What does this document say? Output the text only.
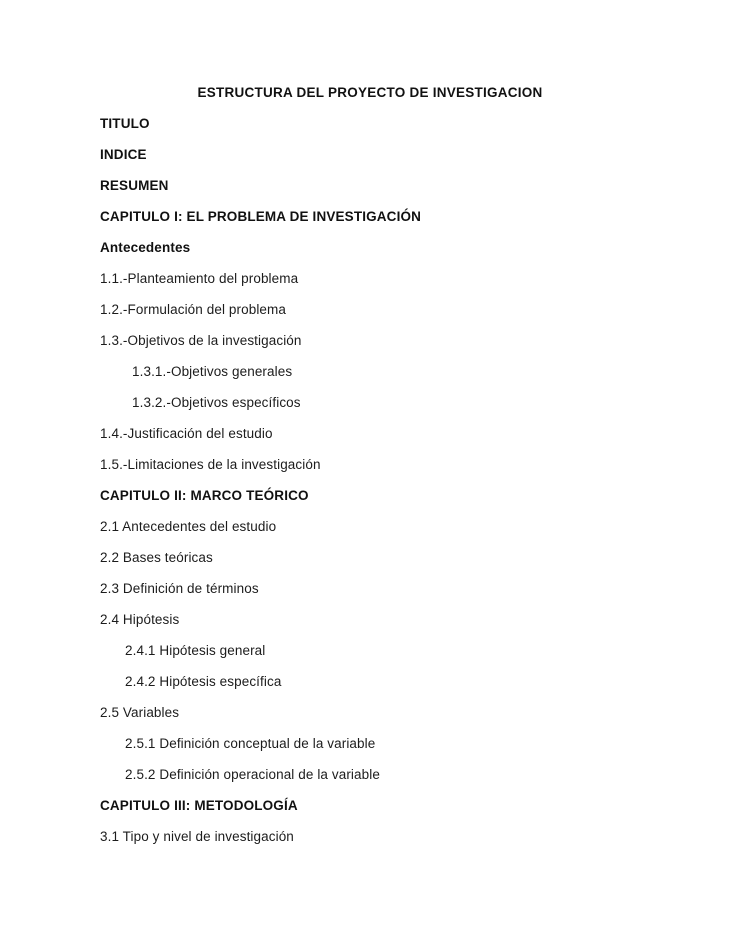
ESTRUCTURA DEL PROYECTO DE INVESTIGACION

TITULO

INDICE

RESUMEN

CAPITULO I: EL PROBLEMA DE INVESTIGACIÓN

Antecedentes

1.1.-Planteamiento del problema

1.2.-Formulación del problema

1.3.-Objetivos de la investigación

1.3.1.-Objetivos generales

1.3.2.-Objetivos específicos

1.4.-Justificación del estudio

1.5.-Limitaciones de la investigación

CAPITULO II: MARCO TEÓRICO

2.1 Antecedentes del estudio

2.2 Bases teóricas

2.3 Definición de términos

2.4 Hipótesis

2.4.1 Hipótesis general

2.4.2 Hipótesis específica

2.5 Variables

2.5.1 Definición conceptual de la variable

2.5.2 Definición operacional de la variable

CAPITULO III: METODOLOGÍA

3.1 Tipo y nivel de investigación
